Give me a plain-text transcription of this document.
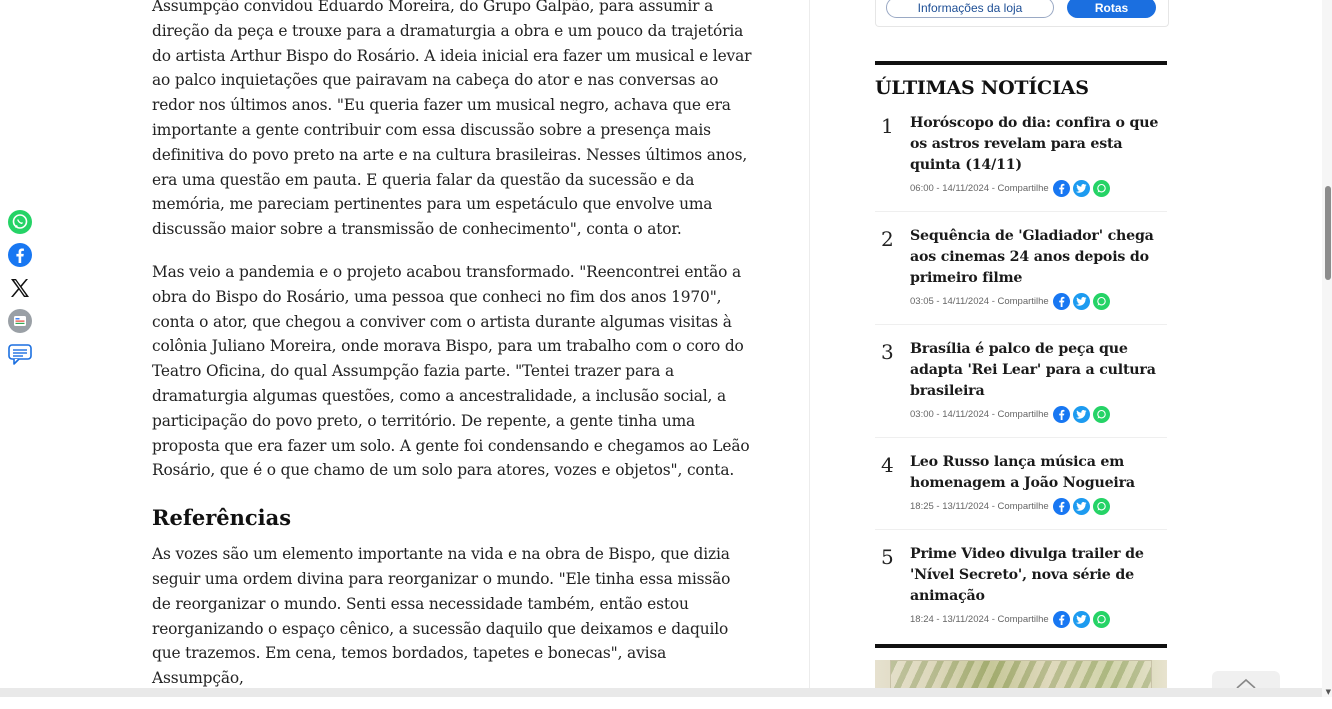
Assumpção convidou Eduardo Moreira, do Grupo Galpão, para assumir a direção da peça e trouxe para a dramaturgia a obra e um pouco da trajetória do artista Arthur Bispo do Rosário. A ideia inicial era fazer um musical e levar ao palco inquietações que pairavam na cabeça do ator e nas conversas ao redor nos últimos anos. "Eu queria fazer um musical negro, achava que era importante a gente contribuir com essa discussão sobre a presença mais definitiva do povo preto na arte e na cultura brasileiras. Nesses últimos anos, era uma questão em pauta. E queria falar da questão da sucessão e da memória, me pareciam pertinentes para um espetáculo que envolve uma discussão maior sobre a transmissão de conhecimento", conta o ator.

Mas veio a pandemia e o projeto acabou transformado. "Reencontrei então a obra do Bispo do Rosário, uma pessoa que conheci no fim dos anos 1970", conta o ator, que chegou a conviver com o artista durante algumas visitas à colônia Juliano Moreira, onde morava Bispo, para um trabalho com o coro do Teatro Oficina, do qual Assumpção fazia parte. "Tentei trazer para a dramaturgia algumas questões, como a ancestralidade, a inclusão social, a participação do povo preto, o território. De repente, a gente tinha uma proposta que era fazer um solo. A gente foi condensando e chegamos ao Leão Rosário, que é o que chamo de um solo para atores, vozes e objetos", conta.

Referências

As vozes são um elemento importante na vida e na obra de Bispo, que dizia seguir uma ordem divina para reorganizar o mundo. "Ele tinha essa missão de reorganizar o mundo. Senti essa necessidade também, então estou reorganizando o espaço cênico, a sucessão daquilo que deixamos e daquilo que trazemos. Em cena, temos bordados, tapetes e bonecas", avisa Assumpção,

Informações da loja	Rotas
ÚLTIMAS NOTÍCIAS
1	Horóscopo do dia: confira o que os astros revelam para esta quinta (14/11)
06:00 - 14/11/2024 - Compartilhe
2	Sequência de 'Gladiador' chega aos cinemas 24 anos depois do primeiro filme
03:05 - 14/11/2024 - Compartilhe
3	Brasília é palco de peça que adapta 'Rei Lear' para a cultura brasileira
03:00 - 14/11/2024 - Compartilhe
4	Leo Russo lança música em homenagem a João Nogueira
18:25 - 13/11/2024 - Compartilhe
5	Prime Video divulga trailer de 'Nível Secreto', nova série de animação
18:24 - 13/11/2024 - Compartilhe
▼
